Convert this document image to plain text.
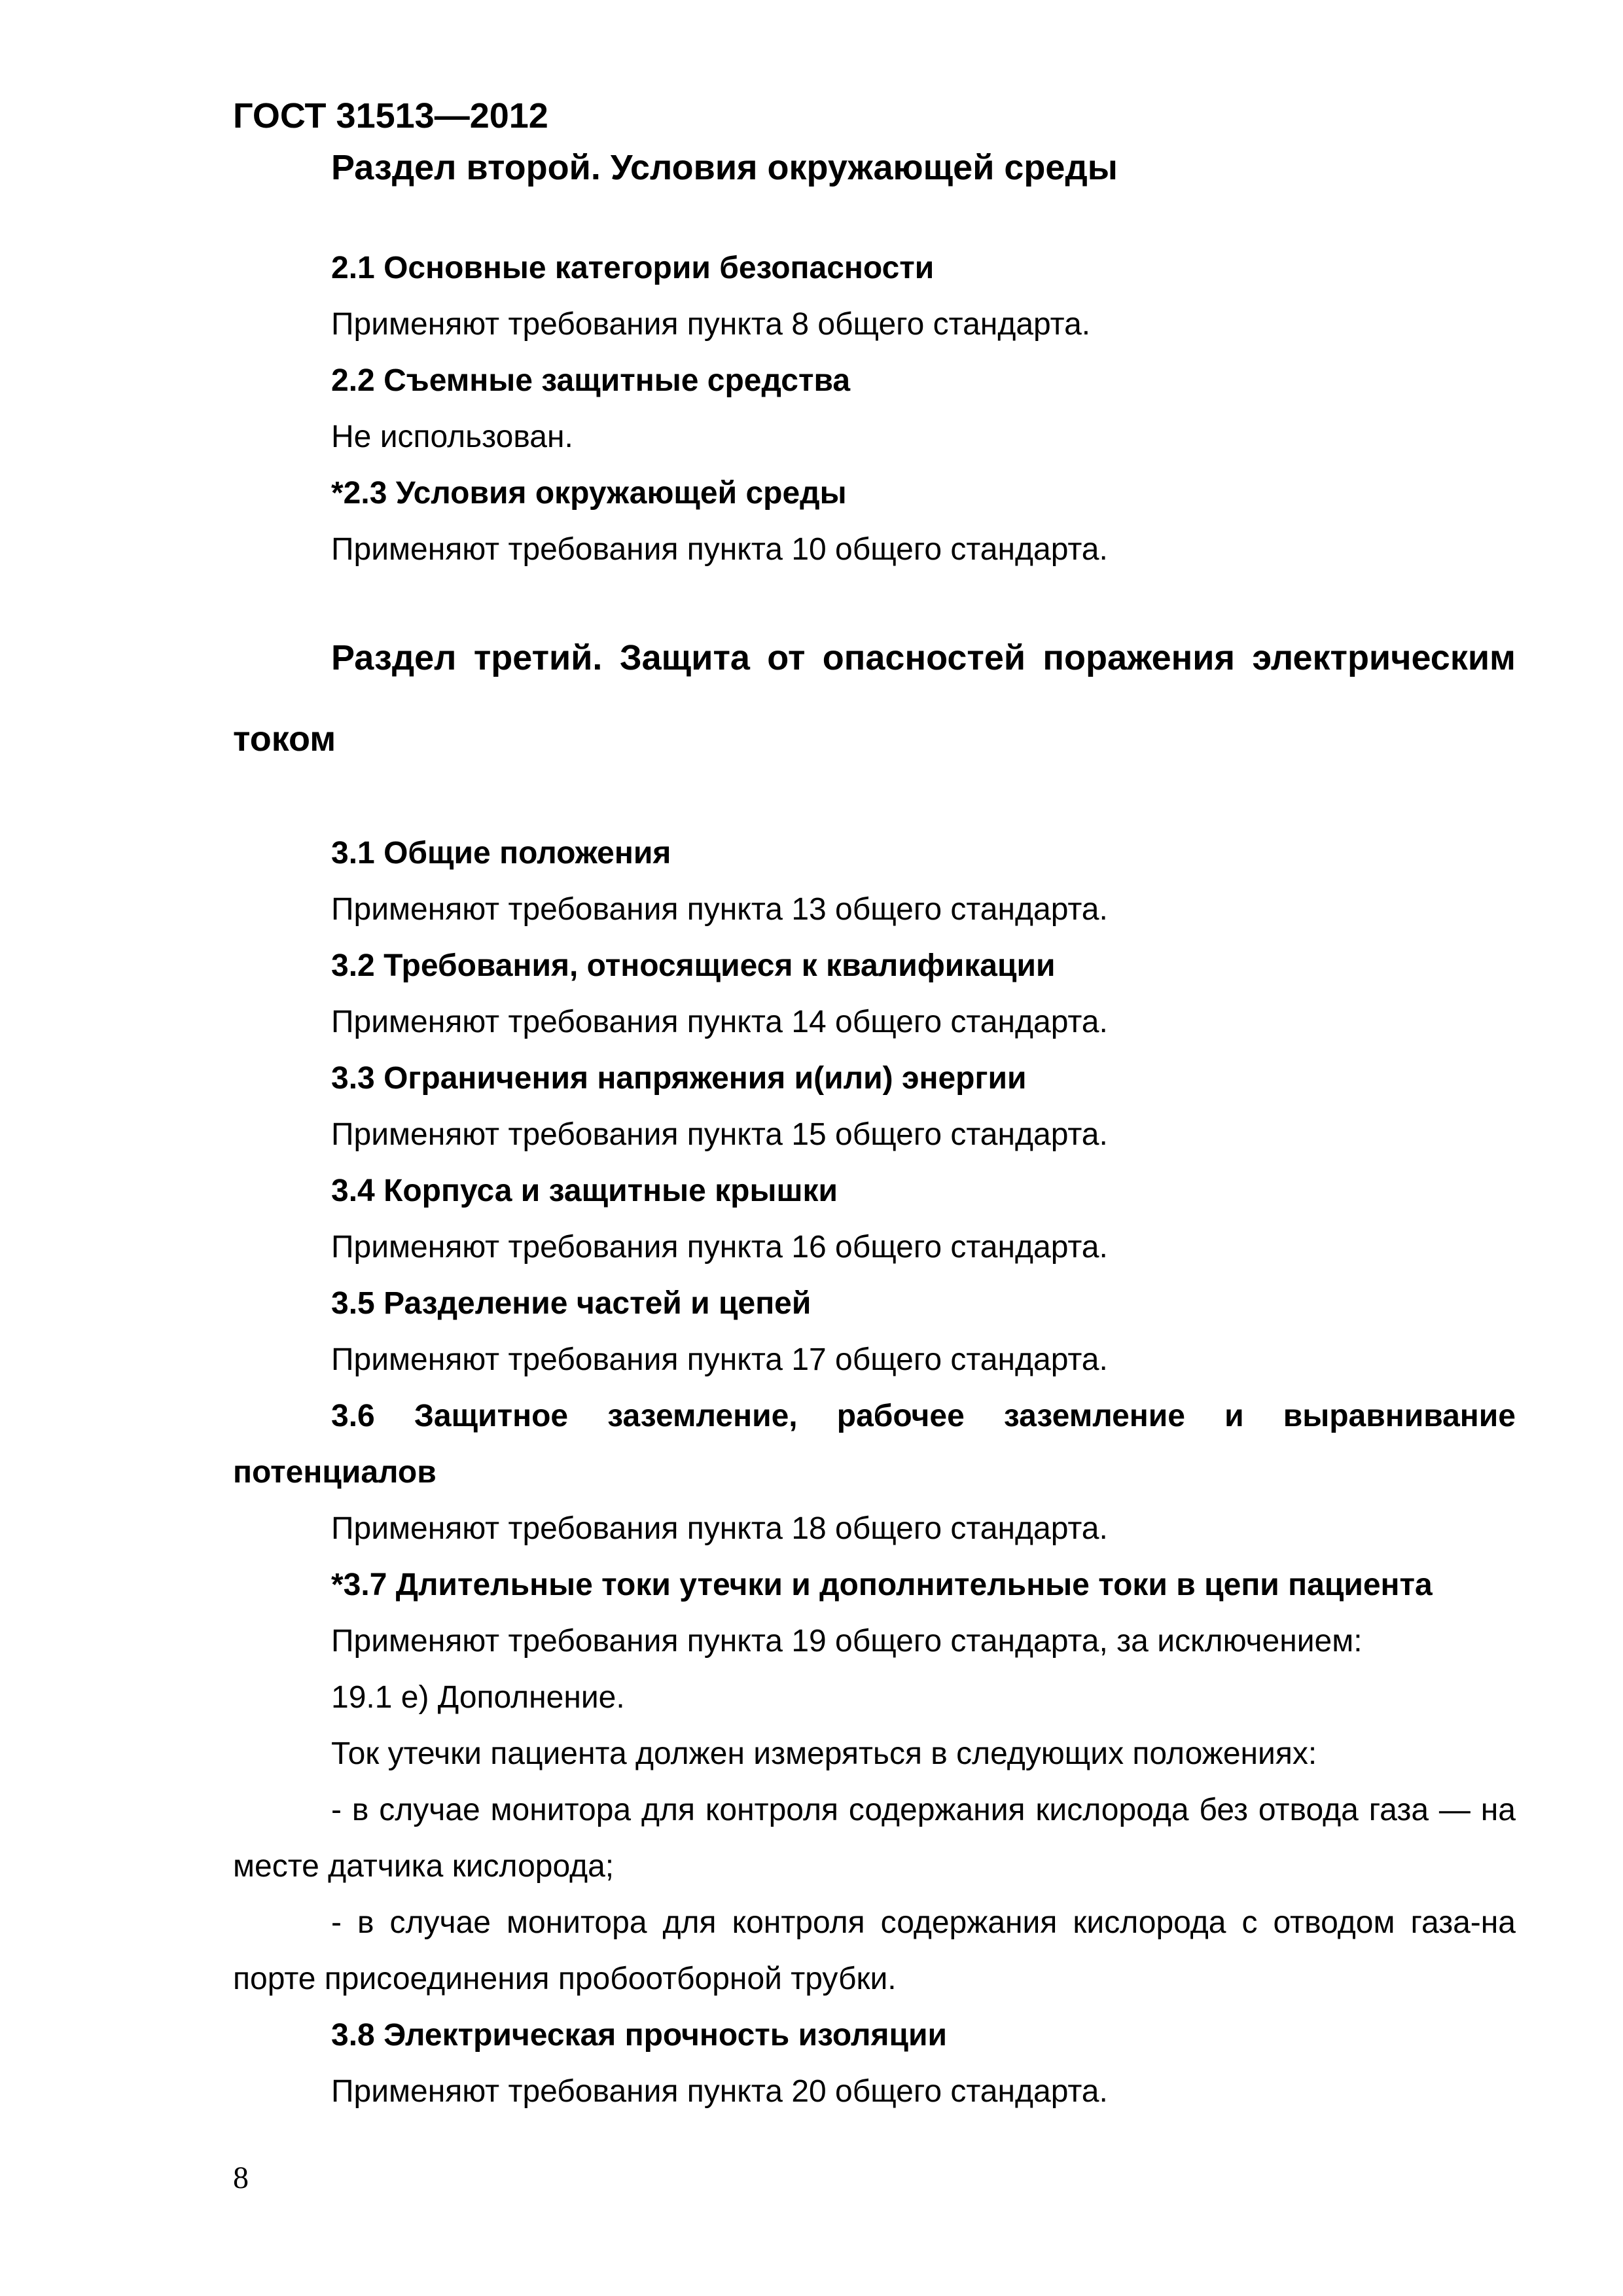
ГОСТ 31513—2012

Раздел второй. Условия окружающей среды

2.1 Основные категории безопасности

Применяют требования пункта 8 общего стандарта.

2.2 Съемные защитные средства

Не использован.

*2.3 Условия окружающей среды

Применяют требования пункта 10 общего стандарта.

Раздел третий. Защита от опасностей поражения электрическим током

3.1 Общие положения

Применяют требования пункта 13 общего стандарта.

3.2 Требования, относящиеся к квалификации

Применяют требования пункта 14 общего стандарта.

3.3 Ограничения напряжения и(или) энергии

Применяют требования пункта 15 общего стандарта.

3.4 Корпуса и защитные крышки

Применяют требования пункта 16 общего стандарта.

3.5 Разделение частей и цепей

Применяют требования пункта 17 общего стандарта.

3.6 Защитное заземление, рабочее заземление и выравнивание потенциалов

Применяют требования пункта 18 общего стандарта.

*3.7 Длительные токи утечки и дополнительные токи в цепи пациента

Применяют требования пункта 19 общего стандарта, за исключением:

19.1 е) Дополнение.

Ток утечки пациента должен измеряться в следующих положениях:

- в случае монитора для контроля содержания кислорода без отвода газа — на месте датчика кислорода;

- в случае монитора для контроля содержания кислорода с отводом газа-на порте присоединения пробоотборной трубки.

3.8 Электрическая прочность изоляции

Применяют требования пункта 20 общего стандарта.

8
